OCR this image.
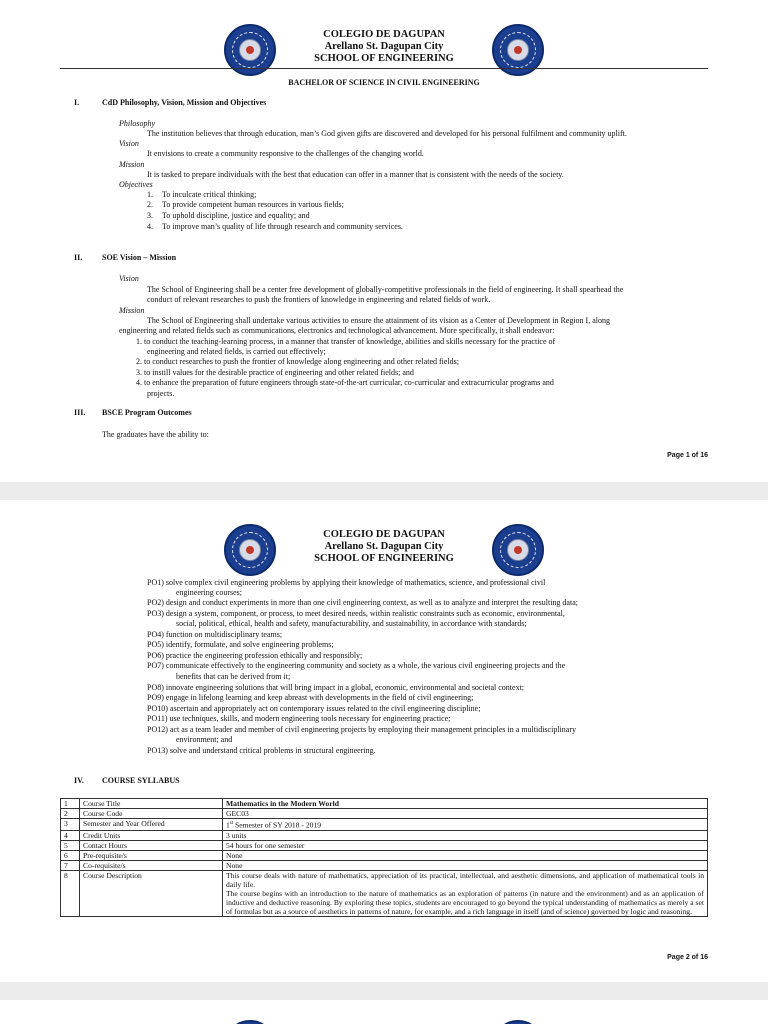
COLEGIO DE DAGUPAN
Arellano St. Dagupan City
SCHOOL OF ENGINEERING
BACHELOR OF SCIENCE IN CIVIL ENGINEERING
I.	CdD Philosophy, Vision, Mission and Objectives
Philosophy
The institution believes that through education, man’s God given gifts are discovered and developed for his personal fulfilment and community uplift.
Vision
It envisions to create a community responsive to the challenges of the changing world.
Mission
It is tasked to prepare individuals with the best that education can offer in a manner that is consistent with the needs of the society.
Objectives
1. To inculcate critical thinking;
2. To provide competent human resources in various fields;
3. To uphold discipline, justice and equality; and
4. To improve man’s quality of life through research and community services.
II. SOE Vision – Mission
Vision
The School of Engineering shall be a center free development of globally-competitive professionals in the field of engineering. It shall spearhead the
conduct of relevant researches to push the frontiers of knowledge in engineering and related fields of work.
Mission
The School of Engineering shall undertake various activities to ensure the attainment of its vision as a Center of Development in Region I, along
engineering and related fields such as communications, electronics and technological advancement. More specifically, it shall endeavor:
1. to conduct the teaching-learning process, in a manner that transfer of knowledge, abilities and skills necessary for the practice of
engineering and related fields, is carried out effectively;
2. to conduct researches to push the frontier of knowledge along engineering and other related fields;
3. to instill values for the desirable practice of engineering and other related fields; and
4. to enhance the preparation of future engineers through state-of-the-art curricular, co-curricular and extracurricular programs and
projects.
III. BSCE Program Outcomes
The graduates have the ability to:
Page 1 of 16
COLEGIO DE DAGUPAN
Arellano St. Dagupan City
SCHOOL OF ENGINEERING
PO1) solve complex civil engineering problems by applying their knowledge of mathematics, science, and professional civil
engineering courses;
PO2) design and conduct experiments in more than one civil engineering context, as well as to analyze and interpret the resulting data;
PO3) design a system, component, or process, to meet desired needs, within realistic constraints such as economic, environmental,
social, political, ethical, health and safety, manufacturability, and sustainability, in accordance with standards;
PO4) function on multidisciplinary teams;
PO5) identify, formulate, and solve engineering problems;
PO6) practice the engineering profession ethically and responsibly;
PO7) communicate effectively to the engineering community and society as a whole, the various civil engineering projects and the
benefits that can be derived from it;
PO8) innovate engineering solutions that will bring impact in a global, economic, environmental and societal context;
PO9) engage in lifelong learning and keep abreast with developments in the field of civil engineering;
PO10) ascertain and appropriately act on contemporary issues related to the civil engineering discipline;
PO11) use techniques, skills, and modern engineering tools necessary for engineering practice;
PO12) act as a team leader and member of civil engineering projects by employing their management principles in a multidisciplinary
environment; and
PO13) solve and understand critical problems in structural engineering.
IV. COURSE SYLLABUS
1	Course Title	Mathematics in the Modern World
2	Course Code	GEC03
3	Semester and Year Offered	1st Semester of SY 2018 - 2019
4	Credit Units	3 units
5	Contact Hours	54 hours for one semester
6	Pre-requisite/s	None
7	Co-requisite/s	None
8	Course Description	This course deals with nature of mathematics, appreciation of its practical, intellectual, and aesthetic dimensions, and application of mathematical tools in daily life.
The course begins with an introduction to the nature of mathematics as an exploration of patterns (in nature and the environment) and as an application of inductive and deductive reasoning. By exploring these topics, students are encouraged to go beyond the typical understanding of mathematics as merely a set of formulas but as a source of aesthetics in patterns of nature, for example, and a rich language in itself (and of science) governed by logic and reasoning.
Page 2 of 16
